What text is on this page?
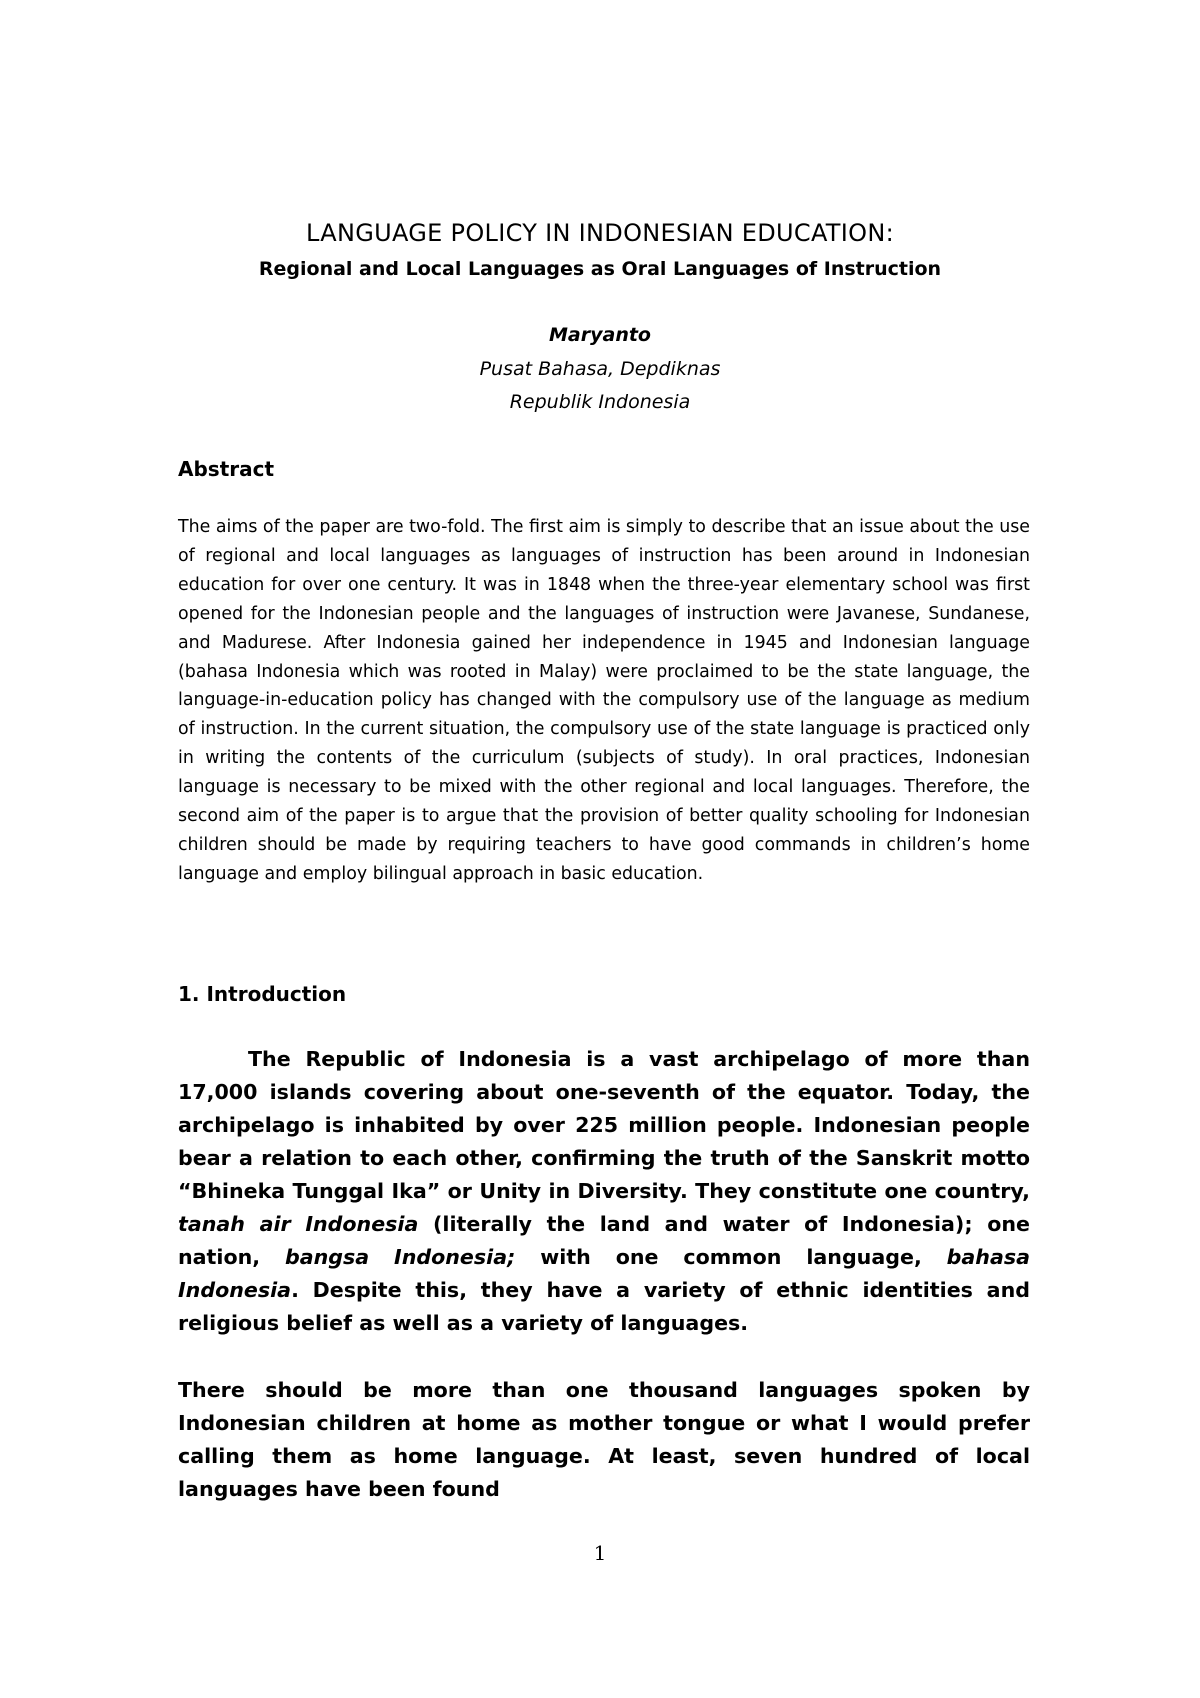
LANGUAGE POLICY IN INDONESIAN EDUCATION:
Regional and Local Languages as Oral Languages of Instruction
Maryanto
Pusat Bahasa, Depdiknas
Republik Indonesia
Abstract

The aims of the paper are two-fold. The first aim is simply to describe that an issue about the use of regional and local languages as languages of instruction has been around in Indonesian education for over one century. It was in 1848 when the three-year elementary school was first opened for the Indonesian people and the languages of instruction were Javanese, Sundanese, and Madurese. After Indonesia gained her independence in 1945 and Indonesian language (bahasa Indonesia which was rooted in Malay) were proclaimed to be the state language, the language-in-education policy has changed with the compulsory use of the language as medium of instruction. In the current situation, the compulsory use of the state language is practiced only in writing the contents of the curriculum (subjects of study). In oral practices, Indonesian language is necessary to be mixed with the other regional and local languages. Therefore, the second aim of the paper is to argue that the provision of better quality schooling for Indonesian children should be made by requiring teachers to have good commands in children’s home language and employ bilingual approach in basic education.

1. Introduction

The Republic of Indonesia is a vast archipelago of more than 17,000 islands covering about one-seventh of the equator. Today, the archipelago is inhabited by over 225 million people. Indonesian people bear a relation to each other, confirming the truth of the Sanskrit motto “Bhineka Tunggal Ika” or Unity in Diversity. They constitute one country, tanah air Indonesia (literally the land and water of Indonesia); one nation, bangsa Indonesia; with one common language, bahasa Indonesia. Despite this, they have a variety of ethnic identities and religious belief as well as a variety of languages.

There should be more than one thousand languages spoken by Indonesian children at home as mother tongue or what I would prefer calling them as home language. At least, seven hundred of local languages have been found

1
